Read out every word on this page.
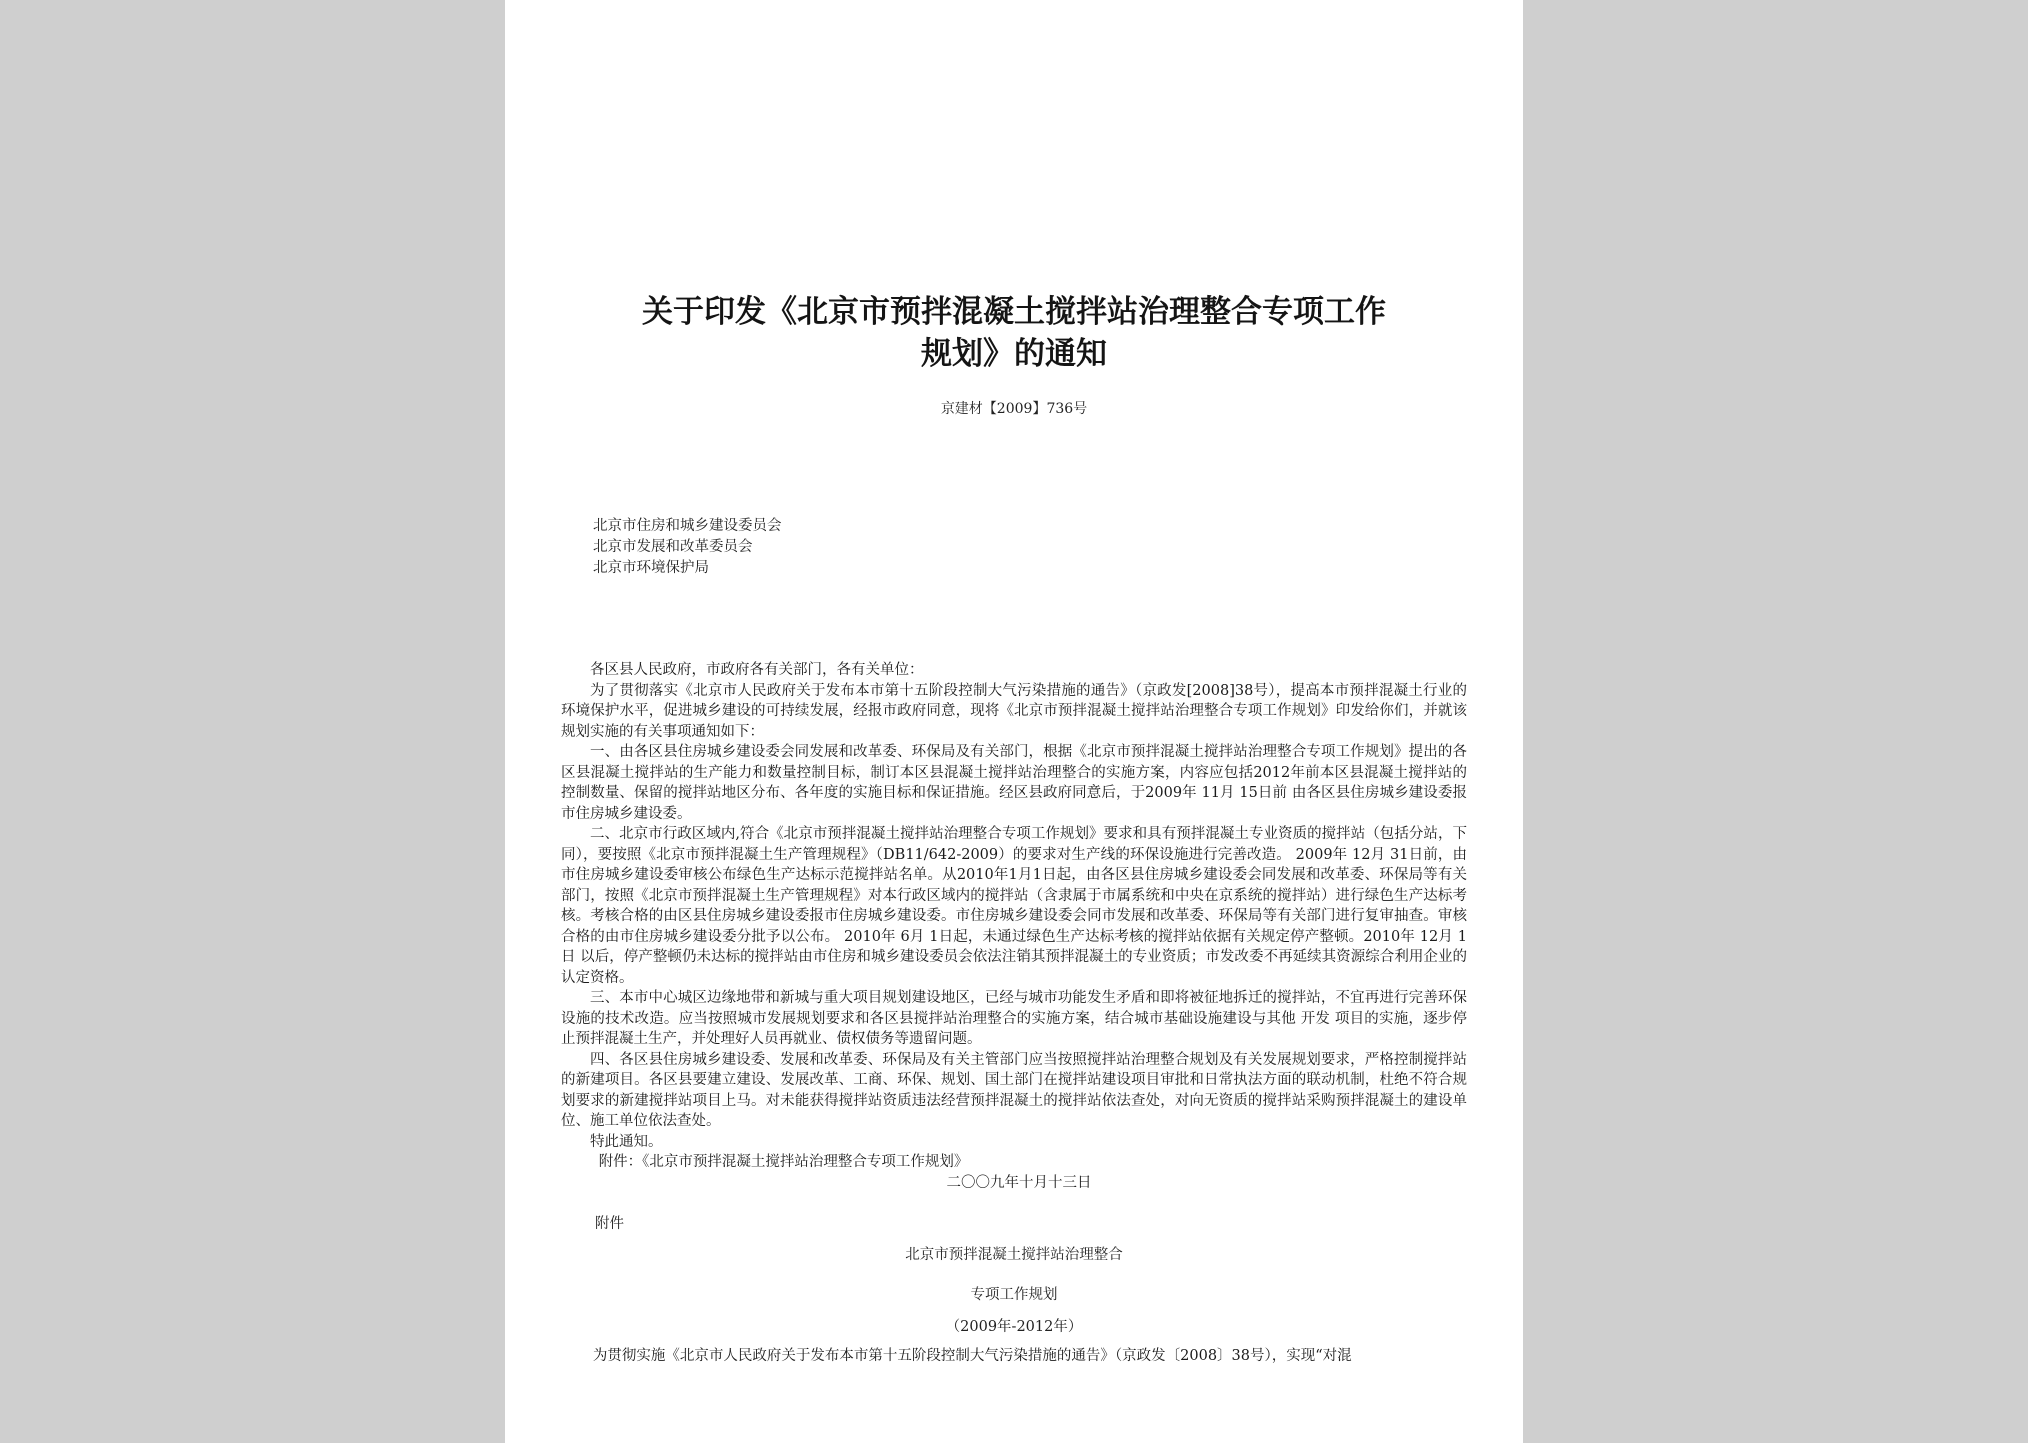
关于印发《北京市预拌混凝土搅拌站治理整合专项工作
规划》的通知
京建材【2009】736号
北京市住房和城乡建设委员会
北京市发展和改革委员会
北京市环境保护局

各区县人民政府，市政府各有关部门，各有关单位：

为了贯彻落实《北京市人民政府关于发布本市第十五阶段控制大气污染措施的通告》（京政发[2008]38号），提高本市预拌混凝土行业的环境保护水平，促进城乡建设的可持续发展，经报市政府同意，现将《北京市预拌混凝土搅拌站治理整合专项工作规划》印发给你们，并就该规划实施的有关事项通知如下：

一、由各区县住房城乡建设委会同发展和改革委、环保局及有关部门，根据《北京市预拌混凝土搅拌站治理整合专项工作规划》提出的各区县混凝土搅拌站的生产能力和数量控制目标，制订本区县混凝土搅拌站治理整合的实施方案，内容应包括2012年前本区县混凝土搅拌站的控制数量、保留的搅拌站地区分布、各年度的实施目标和保证措施。经区县政府同意后，于2009年 11月 15日前 由各区县住房城乡建设委报市住房城乡建设委。

二、北京市行政区域内,符合《北京市预拌混凝土搅拌站治理整合专项工作规划》要求和具有预拌混凝土专业资质的搅拌站（包括分站，下同），要按照《北京市预拌混凝土生产管理规程》（DB11/642-2009）的要求对生产线的环保设施进行完善改造。 2009年 12月 31日前，由市住房城乡建设委审核公布绿色生产达标示范搅拌站名单。从2010年1月1日起，由各区县住房城乡建设委会同发展和改革委、环保局等有关部门，按照《北京市预拌混凝土生产管理规程》对本行政区域内的搅拌站（含隶属于市属系统和中央在京系统的搅拌站）进行绿色生产达标考核。考核合格的由区县住房城乡建设委报市住房城乡建设委。市住房城乡建设委会同市发展和改革委、环保局等有关部门进行复审抽查。审核合格的由市住房城乡建设委分批予以公布。 2010年 6月 1日起，未通过绿色生产达标考核的搅拌站依据有关规定停产整顿。2010年 12月 1日 以后，停产整顿仍未达标的搅拌站由市住房和城乡建设委员会依法注销其预拌混凝土的专业资质；市发改委不再延续其资源综合利用企业的认定资格。

三、本市中心城区边缘地带和新城与重大项目规划建设地区，已经与城市功能发生矛盾和即将被征地拆迁的搅拌站，不宜再进行完善环保设施的技术改造。应当按照城市发展规划要求和各区县搅拌站治理整合的实施方案，结合城市基础设施建设与其他 开发 项目的实施，逐步停止预拌混凝土生产，并处理好人员再就业、债权债务等遗留问题。

四、各区县住房城乡建设委、发展和改革委、环保局及有关主管部门应当按照搅拌站治理整合规划及有关发展规划要求，严格控制搅拌站的新建项目。各区县要建立建设、发展改革、工商、环保、规划、国土部门在搅拌站建设项目审批和日常执法方面的联动机制，杜绝不符合规划要求的新建搅拌站项目上马。对未能获得搅拌站资质违法经营预拌混凝土的搅拌站依法查处，对向无资质的搅拌站采购预拌混凝土的建设单位、施工单位依法查处。

特此通知。

附件：《北京市预拌混凝土搅拌站治理整合专项工作规划》

二〇〇九年十月十三日

附件
北京市预拌混凝土搅拌站治理整合
专项工作规划
（2009年-2012年）
为贯彻实施《北京市人民政府关于发布本市第十五阶段控制大气污染措施的通告》（京政发〔2008〕38号），实现“对混
